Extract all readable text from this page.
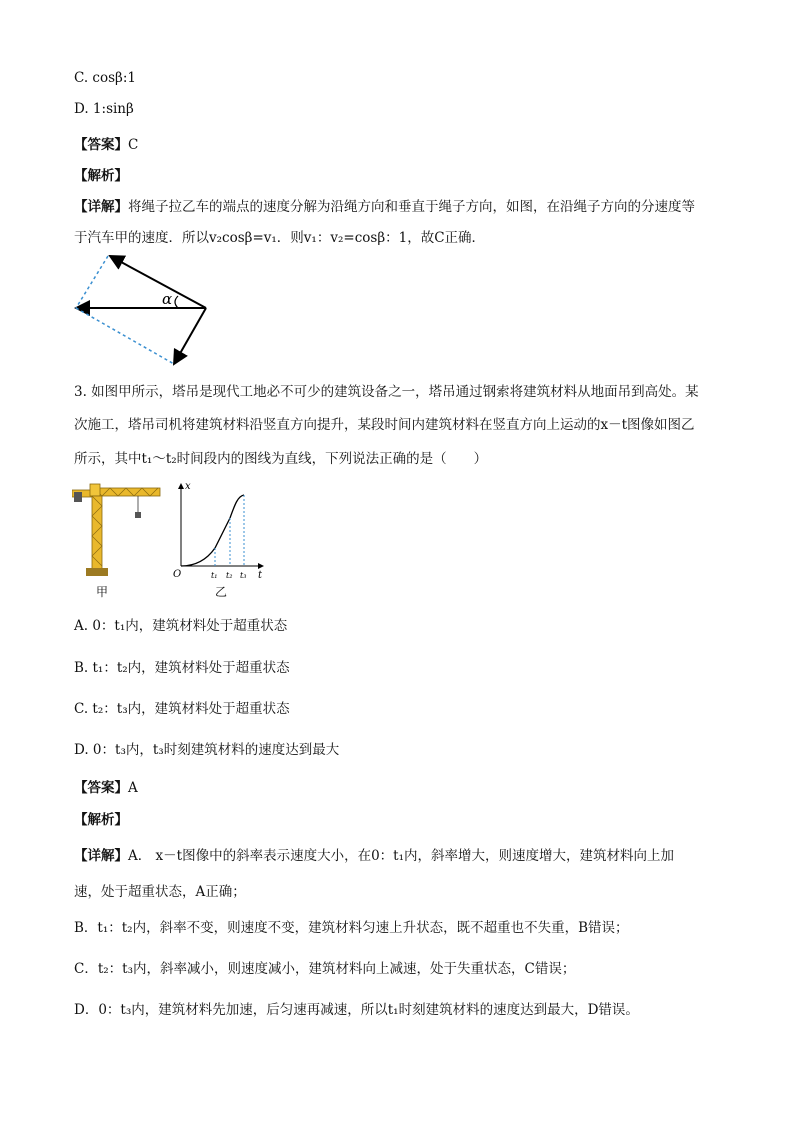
C. cosβ:1
D. 1:sinβ
【答案】C
【解析】
【详解】将绳子拉乙车的端点的速度分解为沿绳方向和垂直于绳子方向，如图，在沿绳子方向的分速度等
于汽车甲的速度．所以v₂cosβ=v₁．则v₁：v₂=cosβ：1，故C正确．
α
3. 如图甲所示，塔吊是现代工地必不可少的建筑设备之一，塔吊通过钢索将建筑材料从地面吊到高处。某
次施工，塔吊司机将建筑材料沿竖直方向提升，某段时间内建筑材料在竖直方向上运动的x－t图像如图乙
所示，其中t₁～t₂时间段内的图线为直线，下列说法正确的是（　　）
甲
x
t
O	t₁ t₂ t₃
乙
A. 0：t₁内，建筑材料处于超重状态
B. t₁：t₂内，建筑材料处于超重状态
C. t₂：t₃内，建筑材料处于超重状态
D. 0：t₃内，t₃时刻建筑材料的速度达到最大
【答案】A
【解析】
【详解】A． x－t图像中的斜率表示速度大小，在0：t₁内，斜率增大，则速度增大，建筑材料向上加
速，处于超重状态，A正确；
B．t₁：t₂内，斜率不变，则速度不变，建筑材料匀速上升状态，既不超重也不失重，B错误；
C．t₂：t₃内，斜率减小，则速度减小，建筑材料向上减速，处于失重状态，C错误；
D．0：t₃内，建筑材料先加速，后匀速再减速，所以t₁时刻建筑材料的速度达到最大，D错误。
